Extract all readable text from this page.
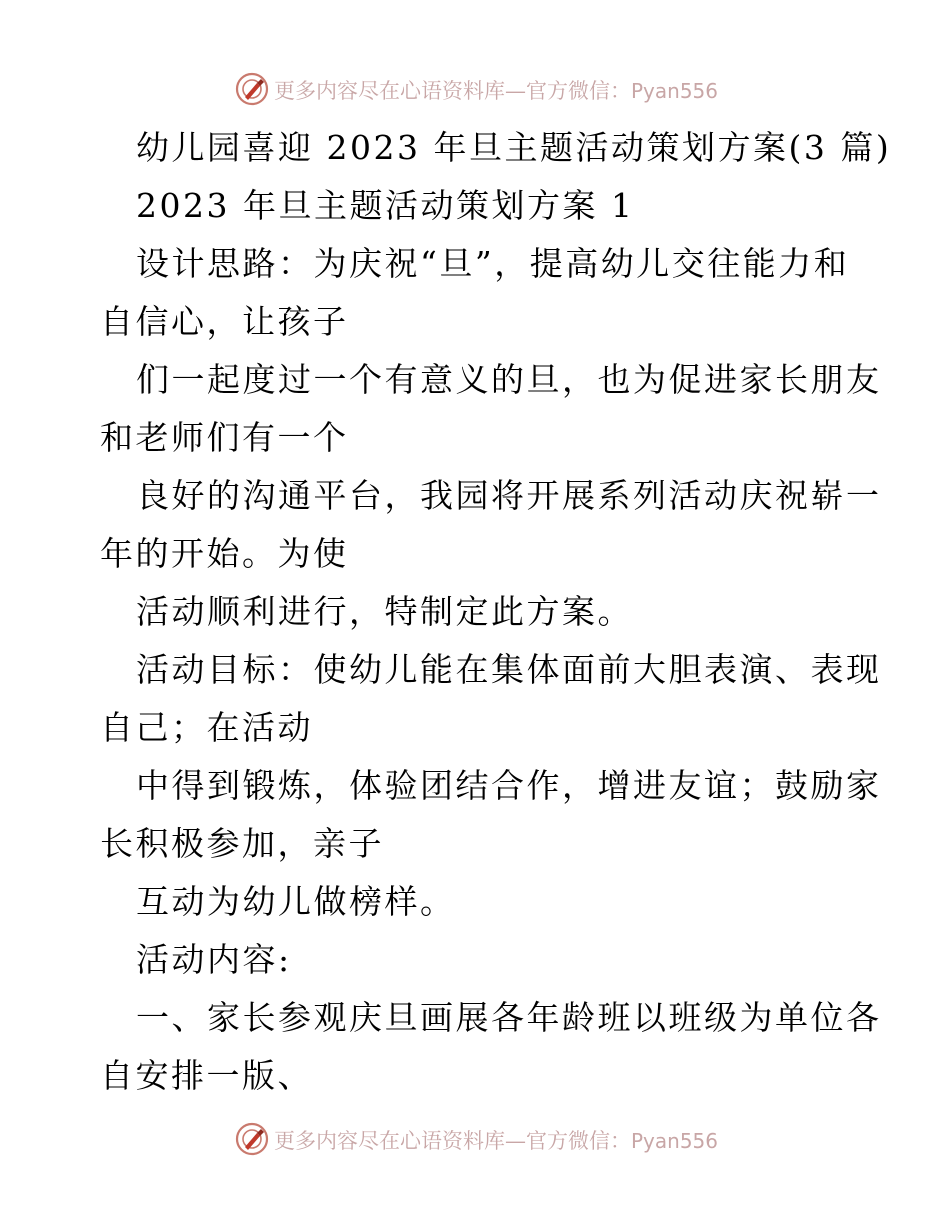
更多内容尽在心语资料库—官方微信：Pyan556
幼儿园喜迎 2023 年旦主题活动策划方案(3 篇)
2023 年旦主题活动策划方案 1
设计思路：为庆祝“旦”，提高幼儿交往能力和
自信心，让孩子
们一起度过一个有意义的旦，也为促进家长朋友
和老师们有一个
良好的沟通平台，我园将开展系列活动庆祝崭一
年的开始。为使
活动顺利进行，特制定此方案。
活动目标：使幼儿能在集体面前大胆表演、表现
自己；在活动
中得到锻炼，体验团结合作，增进友谊；鼓励家
长积极参加，亲子
互动为幼儿做榜样。
活动内容:
一、家长参观庆旦画展各年龄班以班级为单位各
自安排一版、
更多内容尽在心语资料库—官方微信：Pyan556
